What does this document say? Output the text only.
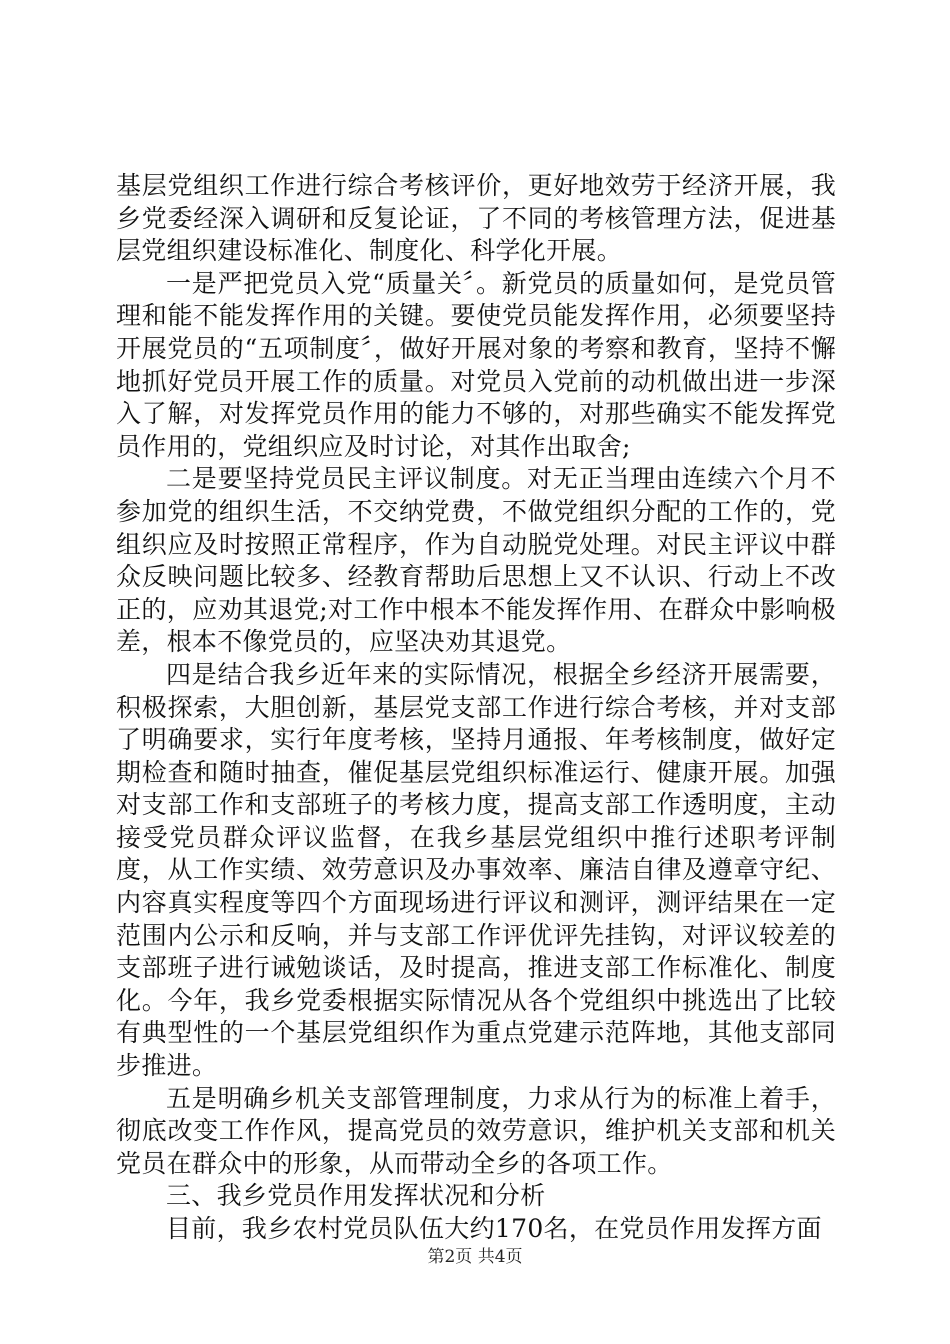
基层党组织工作进行综合考核评价，更好地效劳于经济开展，我乡党委经深入调研和反复论证，了不同的考核管理方法，促进基层党组织建设标准化、制度化、科学化开展。

一是严把党员入党“质量关〞。新党员的质量如何，是党员管理和能不能发挥作用的关键。要使党员能发挥作用，必须要坚持开展党员的“五项制度〞，做好开展对象的考察和教育，坚持不懈地抓好党员开展工作的质量。对党员入党前的动机做出进一步深入了解，对发挥党员作用的能力不够的，对那些确实不能发挥党员作用的，党组织应及时讨论，对其作出取舍;

二是要坚持党员民主评议制度。对无正当理由连续六个月不参加党的组织生活，不交纳党费，不做党组织分配的工作的，党组织应及时按照正常程序，作为自动脱党处理。对民主评议中群众反映问题比较多、经教育帮助后思想上又不认识、行动上不改正的，应劝其退党;对工作中根本不能发挥作用、在群众中影响极差，根本不像党员的，应坚决劝其退党。

四是结合我乡近年来的实际情况，根据全乡经济开展需要，积极探索，大胆创新，基层党支部工作进行综合考核，并对支部了明确要求，实行年度考核，坚持月通报、年考核制度，做好定期检查和随时抽查，催促基层党组织标准运行、健康开展。加强对支部工作和支部班子的考核力度，提高支部工作透明度，主动接受党员群众评议监督，在我乡基层党组织中推行述职考评制度，从工作实绩、效劳意识及办事效率、廉洁自律及遵章守纪、内容真实程度等四个方面现场进行评议和测评，测评结果在一定范围内公示和反响，并与支部工作评优评先挂钩，对评议较差的支部班子进行诫勉谈话，及时提高，推进支部工作标准化、制度化。今年，我乡党委根据实际情况从各个党组织中挑选出了比较有典型性的一个基层党组织作为重点党建示范阵地，其他支部同步推进。

五是明确乡机关支部管理制度，力求从行为的标准上着手，彻底改变工作作风，提高党员的效劳意识，维护机关支部和机关党员在群众中的形象，从而带动全乡的各项工作。

三、我乡党员作用发挥状况和分析

目前，我乡农村党员队伍大约170名，在党员作用发挥方面

第2页 共4页
